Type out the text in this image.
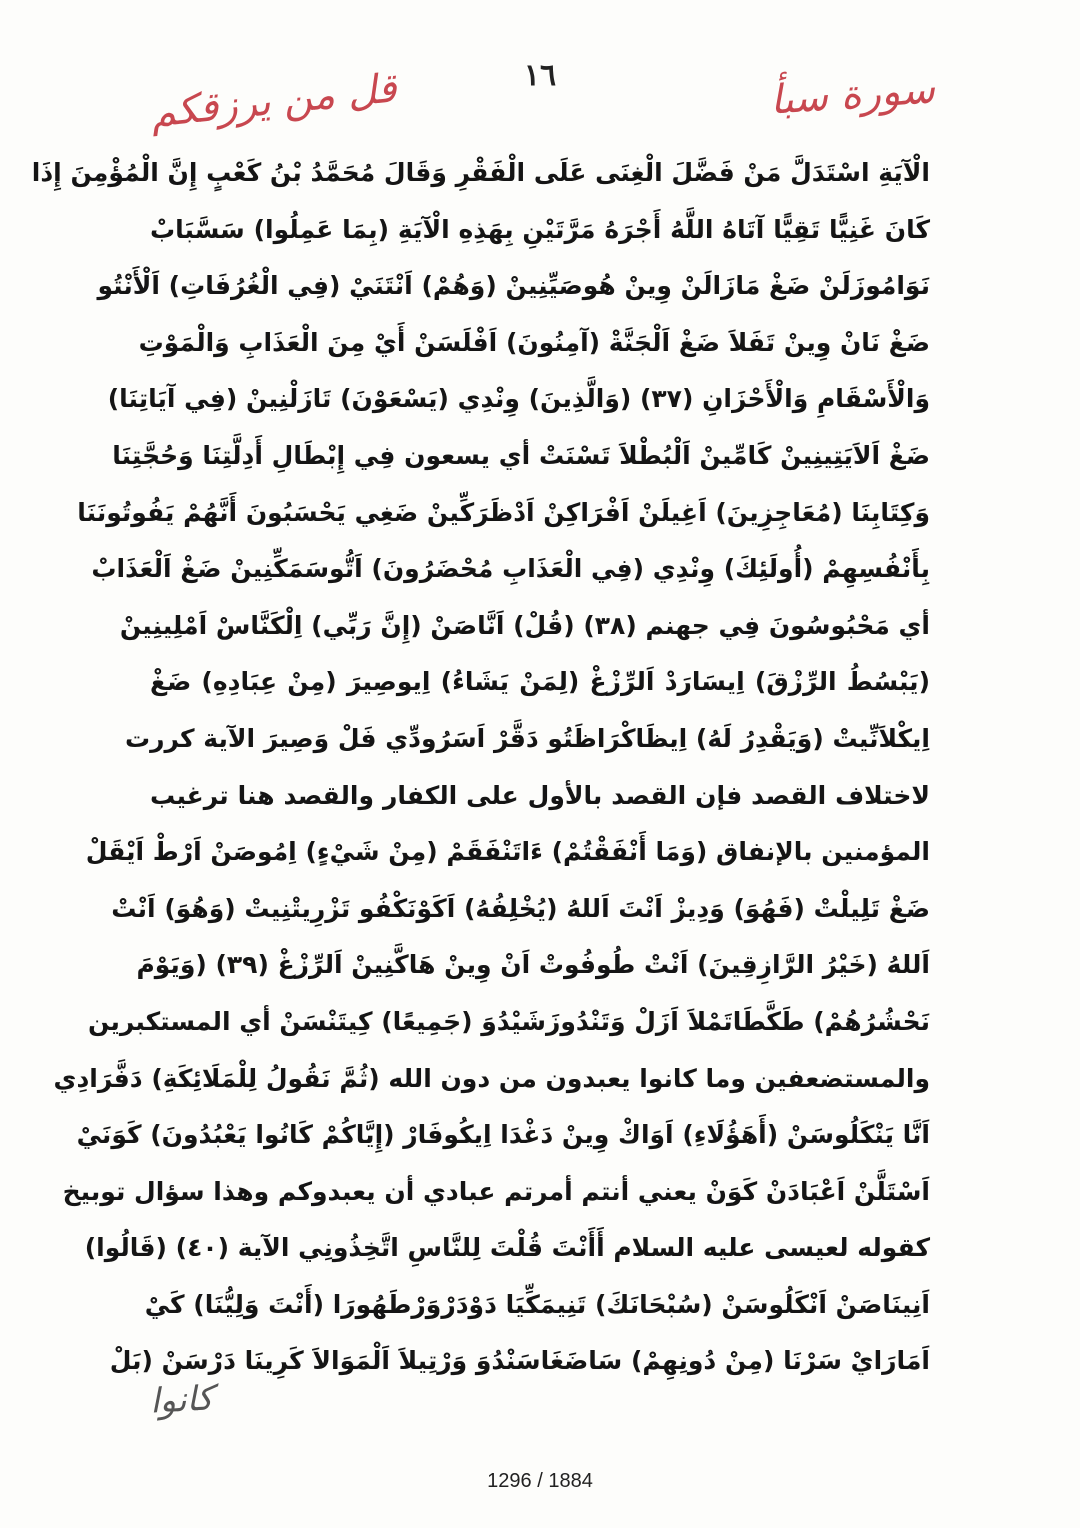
١٦	سورة سبأ
قل من يرزقكم
الْآيَةِ اسْتَدَلَّ مَنْ فَضَّلَ الْغِنَى عَلَى الْفَقْرِ وَقَالَ مُحَمَّدُ بْنُ كَعْبٍ إِنَّ الْمُؤْمِنَ إِذَا
كَانَ غَنِيًّا تَقِيًّا آتَاهُ اللَّهُ أَجْرَهُ مَرَّتَيْنِ بِهَذِهِ الْآيَةِ (بِمَا عَمِلُوا) سَسَّبَابْ
نَوَامُوزَلَنْ ضَغْ مَازَالَنْ وِينْ هُوصَيِّنِينْ (وَهُمْ) اَنْتَنَيْ (فِي الْغُرُفَاتِ) اَلْأَنْتُو
ضَغْ نَانْ وِينْ تَفَلاَ ضَغْ اَلْجَنَّةْ (آمِنُونَ) اَفْلَسَنْ أَيْ مِنَ الْعَذَابِ وَالْمَوْتِ
وَالْأَسْقَامِ وَالْأَحْزَانِ (٣٧) (وَالَّذِينَ) وِنْدِي (يَسْعَوْنَ) تَازَلْنِينْ (فِي آيَاتِنَا)
ضَغْ اَلاَيَتِينِينْ كَامِّينْ اَلْبُطْلاَ تَسْنَتْ أي يسعون فِي إِبْطَالِ أَدِلَّتِنَا وَحُجَّتِنَا
وَكِتَابِنَا (مُعَاجِزِينَ) اَغِيلَنْ اَفْرَاكِنْ اَدْظَرَكِّينْ ضَغِي يَحْسَبُونَ أَنَّهُمْ يَفُوتُونَنَا
بِأَنْفُسِهِمْ (أُولَئِكَ) وِنْدِي (فِي الْعَذَابِ مُحْضَرُونَ) اَتُّوسَمَكِّنِينْ ضَغْ اَلْعَذَابْ
أي مَحْبُوسُونَ فِي جهنم (٣٨) (قُلْ) اَنَّاصَنْ (إِنَّ رَبِّي) اِلْكَنَّاسْ اَمْلِينِينْ
(يَبْسُطُ الرِّزْقَ) اِيسَارَدْ اَلرِّزْغْ (لِمَنْ يَشَاءُ) اِيوصِيرَ (مِنْ عِبَادِهِ) ضَغْ
اِيكْلاَنِّيتْ (وَيَقْدِرُ لَهُ) اِيظَاكْرَاظَتُو دَقَّرْ اَسَرُودِّي فَلْ وَصِيرَ الآية كررت
لاختلاف القصد فإن القصد بالأول على الكفار والقصد هنا ترغيب
المؤمنين بالإنفاق (وَمَا أَنْفَقْتُمْ) ءَاتَنْفَقَمْ (مِنْ شَيْءٍ) اِمُوصَنْ اَرْطْ اَيْقَلْ
ضَغْ تَلِيلْتْ (فَهُوَ) وَدِيزْ اَنْتَ اَللهُ (يُخْلِفُهُ) اَكَوْنَكْفُو تَزْرِيتْنِيتْ (وَهُوَ) اَنْتْ
اَللهُ (خَيْرُ الرَّازِقِينَ) اَنْتْ طُوفُوتْ اَنْ وِينْ هَاكَّنِينْ اَلرِّزْغْ (٣٩) (وَيَوْمَ
نَحْشُرُهُمْ) طَكَّطَاتَمْلاَ اَزَلْ وَتَنْدُوزَشَيْدُوَ (جَمِيعًا) كِيتَنْسَنْ أي المستكبرين
والمستضعفين وما كانوا يعبدون من دون الله (ثُمَّ نَقُولُ لِلْمَلَائِكَةِ) دَفَّرَادِي
اَنَّا يَنْكَلُوسَنْ (أَهَؤُلَاءِ) اَوَاكْ وِينْ دَغْدَا اِيكُوفَارْ (إِيَّاكُمْ كَانُوا يَعْبُدُونَ) كَوَنَيْ
اَسْتَلَّنْ اَعْبَادَنْ كَوَنْ يعني أنتم أمرتم عبادي أن يعبدوكم وهذا سؤال توبيخ
كقوله لعيسى عليه السلام أَأَنْتَ قُلْتَ لِلنَّاسِ اتَّخِذُونِي الآية (٤٠) (قَالُوا)
اَنِينَاصَنْ اَنْكَلُوسَنْ (سُبْحَانَكَ) تَنِيمَكِّيَا دَوْدَرْوَرْطَهُورَا (أَنْتَ وَلِيُّنَا) كَيْ
اَمَارَايْ سَرْنَا (مِنْ دُونِهِمْ) سَاضَغَاسَنْدُوَ وَرْتِيلاَ اَلْمَوَالاَ كَرِينَا دَرْسَنْ (بَلْ
كانوا
1296 / 1884
